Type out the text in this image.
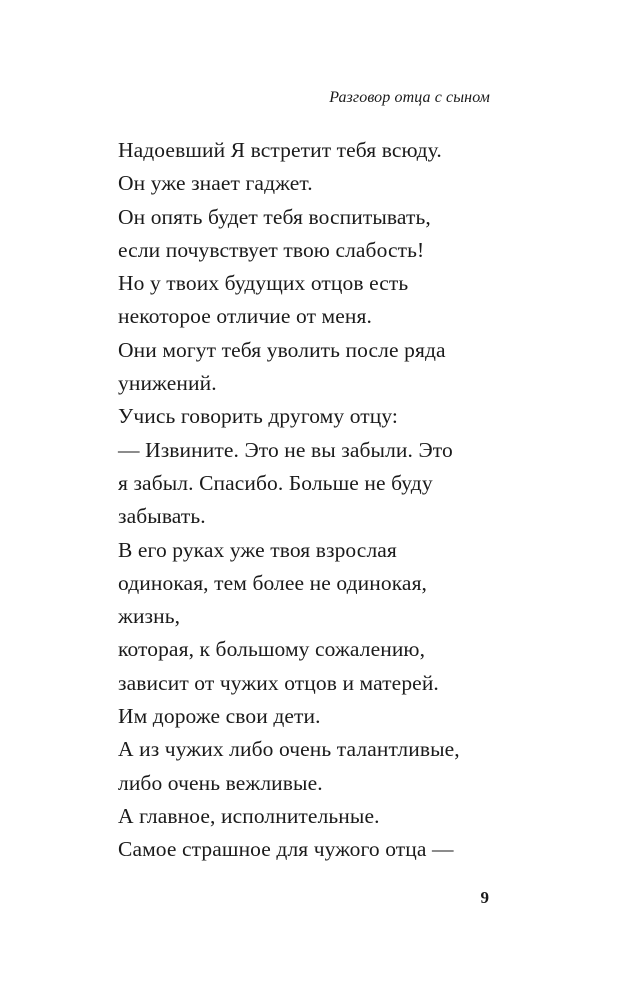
Разговор отца с сыном
Надоевший Я встретит тебя всюду.
Он уже знает гаджет.
Он опять будет тебя воспитывать,
если почувствует твою слабость!
Но у твоих будущих отцов есть
некоторое отличие от меня.
Они могут тебя уволить после ряда
унижений.
Учись говорить другому отцу:
— Извините. Это не вы забыли. Это
я забыл. Спасибо. Больше не буду
забывать.
В его руках уже твоя взрослая
одинокая, тем более не одинокая,
жизнь,
которая, к большому сожалению,
зависит от чужих отцов и матерей.
Им дороже свои дети.
А из чужих либо очень талантливые,
либо очень вежливые.
А главное, исполнительные.
Самое страшное для чужого отца —
9
